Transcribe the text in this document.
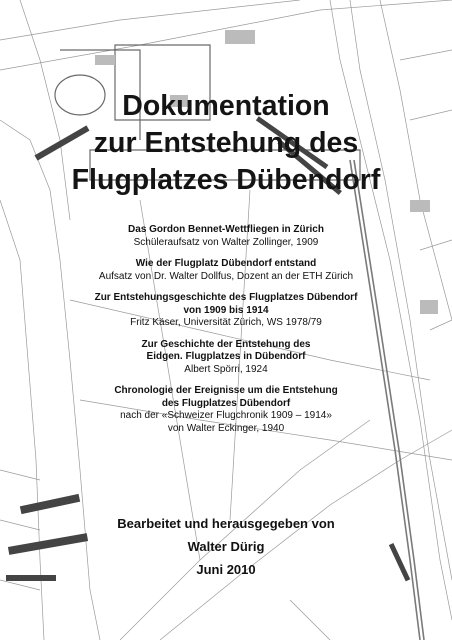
Dokumentation
zur Entstehung des
Flugplatzes Dübendorf
Das Gordon Bennet-Wettfliegen in Zürich
Schüleraufsatz von Walter Zollinger, 1909
Wie der Flugplatz Dübendorf entstand
Aufsatz von Dr. Walter Dollfus, Dozent an der ETH Zürich
Zur Entstehungsgeschichte des Flugplatzes Dübendorf
von 1909 bis 1914
Fritz Käser, Universität Zürich, WS 1978/79
Zur Geschichte der Entstehung des
Eidgen. Flugplatzes in Dübendorf
Albert Spörri, 1924
Chronologie der Ereignisse um die Entstehung
des Flugplatzes Dübendorf
nach der «Schweizer Flugchronik 1909 – 1914»
von Walter Eckinger, 1940
Bearbeitet und herausgegeben von
Walter Dürig
Juni 2010
